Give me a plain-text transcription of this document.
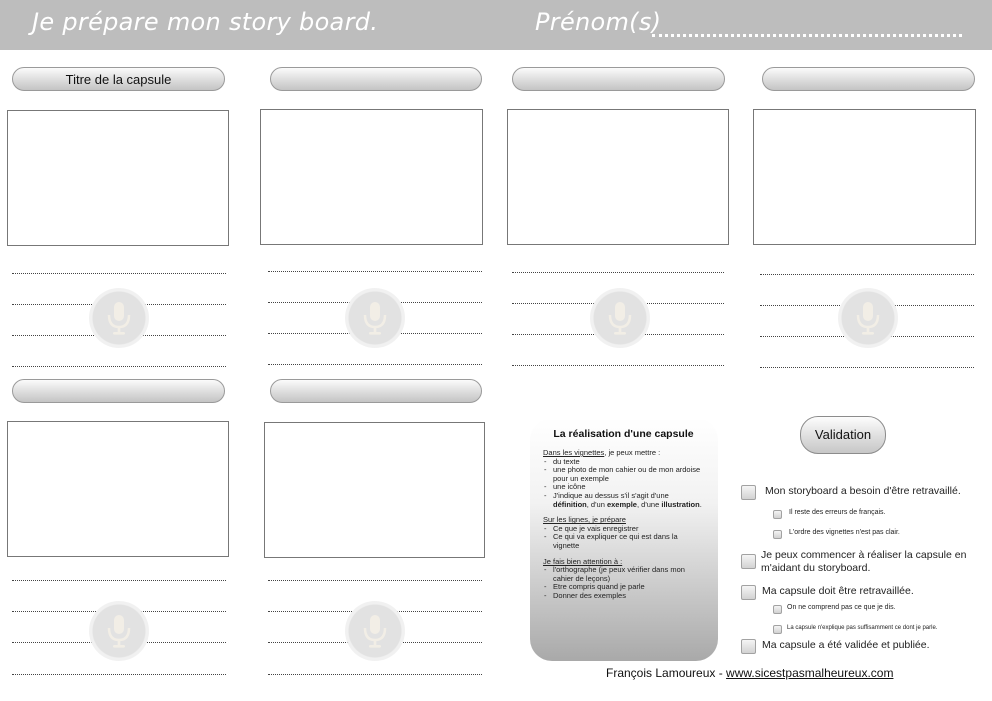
Je prépare mon story board.	Prénom(s)
Titre de la capsule
La réalisation d'une capsule
Dans les vignettes, je peux mettre :
- du texte
- une photo de mon cahier ou de mon ardoise pour un exemple
- une icône
- J'indique au dessus s'il s'agit d'une définition, d'un exemple, d'une illustration.
Sur les lignes, je prépare
- Ce que je vais enregistrer
- Ce qui va expliquer ce qui est dans la vignette
Je fais bien attention à :
- l'orthographe (je peux vérifier dans mon cahier de leçons)
- Etre compris quand je parle
- Donner des exemples
Validation
Mon storyboard a besoin d'être retravaillé.
Il reste des erreurs de français.
L'ordre des vignettes n'est pas clair.
Je peux commencer à réaliser la capsule en m'aidant du storyboard.
Ma capsule doit être retravaillée.
On ne comprend pas ce que je dis.
La capsule n'explique pas suffisamment ce dont je parle.
Ma capsule a été validée et publiée.
François Lamoureux - www.sicestpasmalheureux.com
